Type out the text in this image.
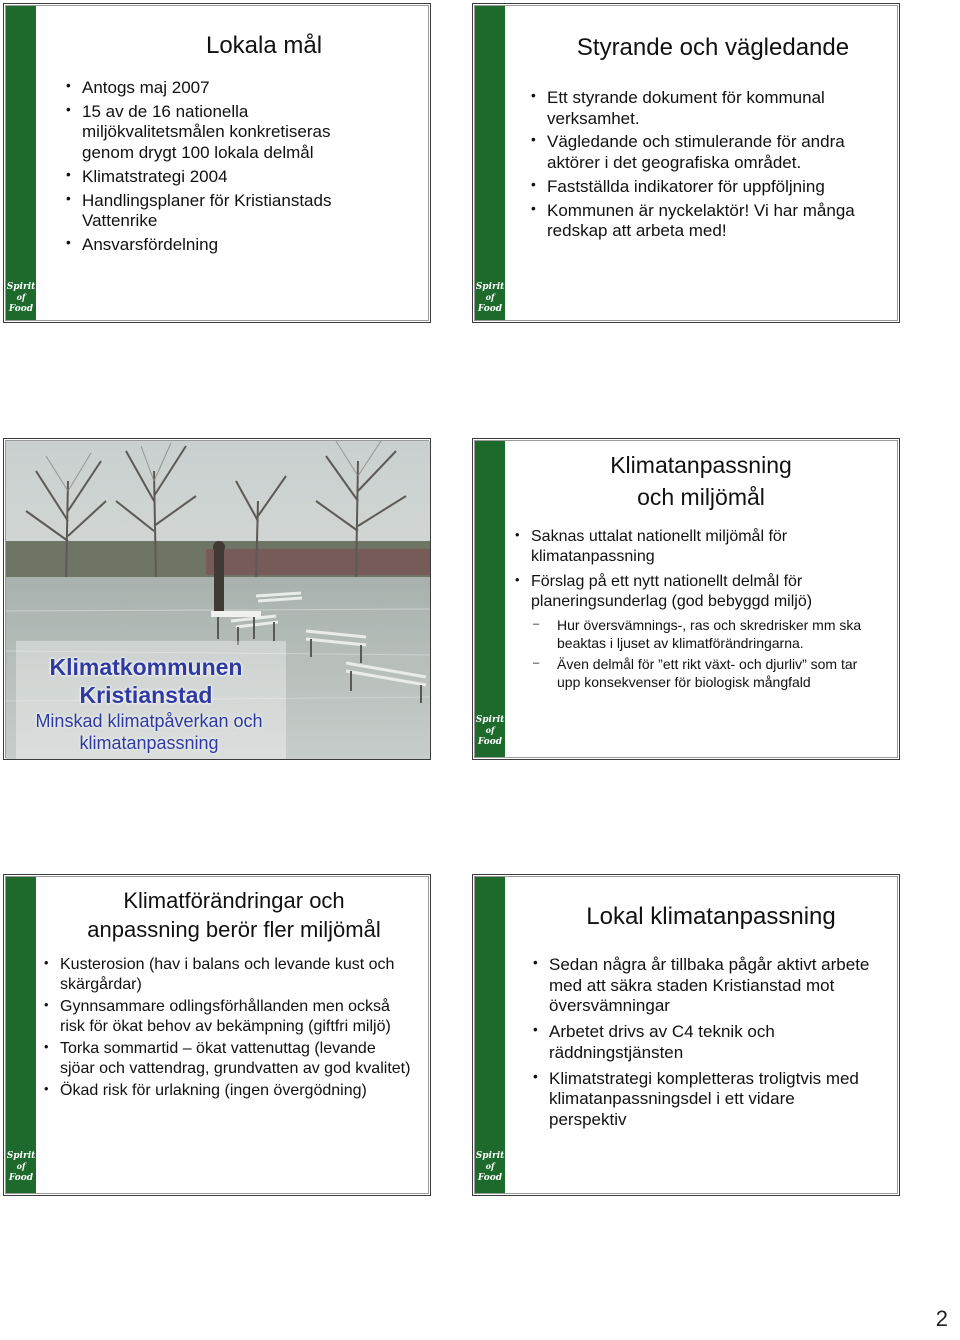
Lokala mål
• Antogs maj 2007
• 15 av de 16 nationella miljökvalitetsmålen konkretiseras genom drygt 100 lokala delmål
• Klimatstrategi 2004
• Handlingsplaner för Kristianstads Vattenrike
• Ansvarsfördelning
Spirit
of
Food
Styrande och vägledande
• Ett styrande dokument för kommunal verksamhet.
• Vägledande och stimulerande för andra aktörer i det geografiska området.
• Fastställda indikatorer för uppföljning
• Kommunen är nyckelaktör! Vi har många redskap att arbeta med!
Spirit
of
Food
Klimatkommunen
Kristianstad
Minskad klimatpåverkan och klimatanpassning
Klimatanpassning
och miljömål
• Saknas uttalat nationellt miljömål för klimatanpassning
• Förslag på ett nytt nationellt delmål för planeringsunderlag (god bebyggd miljö)
– Hur översvämnings-, ras och skredrisker mm ska beaktas i ljuset av klimatförändringarna.
– Även delmål för ”ett rikt växt- och djurliv” som tar upp konsekvenser för biologisk mångfald
Spirit
of
Food
Klimatförändringar och
anpassning berör fler miljömål
• Kusterosion (hav i balans och levande kust och skärgårdar)
• Gynnsammare odlingsförhållanden men också risk för ökat behov av bekämpning (giftfri miljö)
• Torka sommartid – ökat vattenuttag (levande sjöar och vattendrag, grundvatten av god kvalitet)
• Ökad risk för urlakning (ingen övergödning)
Spirit
of
Food
Lokal klimatanpassning
• Sedan några år tillbaka pågår aktivt arbete med att säkra staden Kristianstad mot översvämningar
• Arbetet drivs av C4 teknik och räddningstjänsten
• Klimatstrategi kompletteras troligtvis med klimatanpassningsdel i ett vidare perspektiv
Spirit
of
Food
2
